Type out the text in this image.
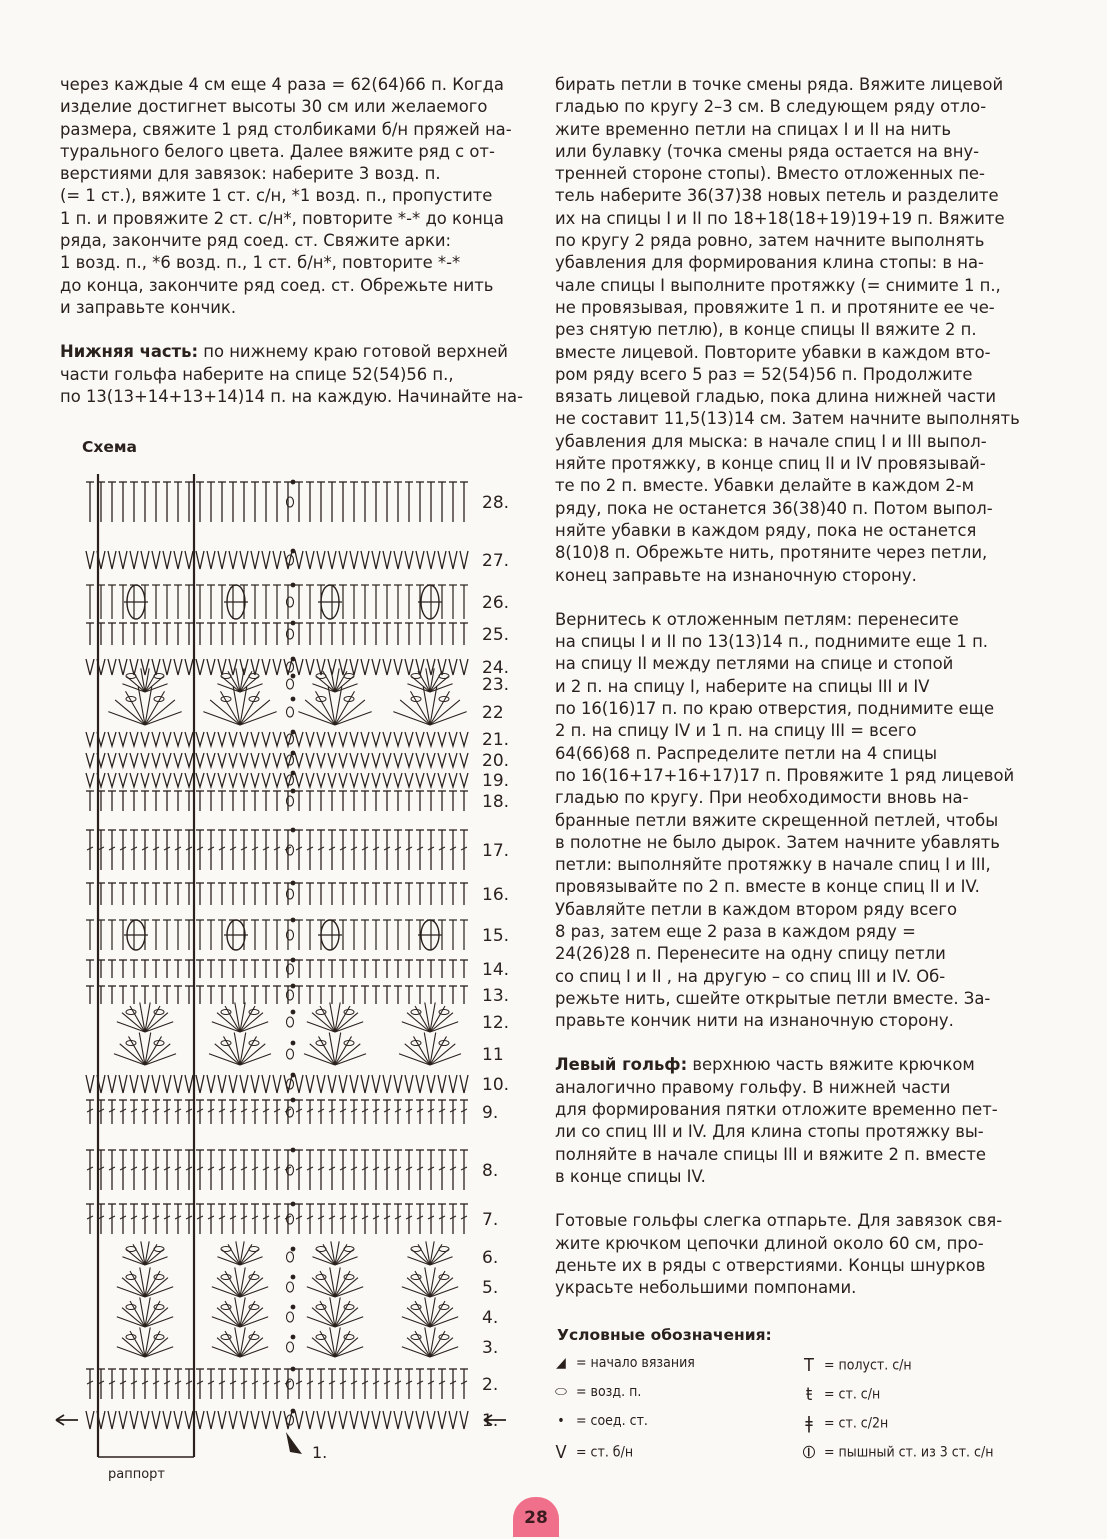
через каждые 4 см еще 4 раза = 62(64)66 п. Когда
изделие достигнет высоты 30 см или желаемого
размера, свяжите 1 ряд столбиками б/н пряжей на-
турального белого цвета. Далее вяжите ряд с от-
верстиями для завязок: наберите 3 возд. п.
(= 1 ст.), вяжите 1 ст. с/н, *1 возд. п., пропустите
1 п. и провяжите 2 ст. с/н*, повторите *-* до конца
ряда, закончите ряд соед. ст. Свяжите арки:
1 возд. п., *6 возд. п., 1 ст. б/н*, повторите *-*
до конца, закончите ряд соед. ст. Обрежьте нить
и заправьте кончик.

Нижняя часть: по нижнему краю готовой верхней
части гольфа наберите на спице 52(54)56 п.,
по 13(13+14+13+14)14 п. на каждую. Начинайте на-

Схема
28.
27.
26.
25.
24.
23.
22
21.
20.
19.
18.
17.
16.
15.
14.
13.
12.
11
10.
9.
8.
7.
6.
5.
4.
3.
2.
1.
1.
раппорт

бирать петли в точке смены ряда. Вяжите лицевой
гладью по кругу 2–3 см. В следующем ряду отло-
жите временно петли на спицах I и II на нить
или булавку (точка смены ряда остается на вну-
тренней стороне стопы). Вместо отложенных пе-
тель наберите 36(37)38 новых петель и разделите
их на спицы I и II по 18+18(18+19)19+19 п. Вяжите
по кругу 2 ряда ровно, затем начните выполнять
убавления для формирования клина стопы: в на-
чале спицы I выполните протяжку (= снимите 1 п.,
не провязывая, провяжите 1 п. и протяните ее че-
рез снятую петлю), в конце спицы II вяжите 2 п.
вместе лицевой. Повторите убавки в каждом вто-
ром ряду всего 5 раз = 52(54)56 п. Продолжите
вязать лицевой гладью, пока длина нижней части
не составит 11,5(13)14 см. Затем начните выполнять
убавления для мыска: в начале спиц I и III выпол-
няйте протяжку, в конце спиц II и IV провязывай-
те по 2 п. вместе. Убавки делайте в каждом 2-м
ряду, пока не останется 36(38)40 п. Потом выпол-
няйте убавки в каждом ряду, пока не останется
8(10)8 п. Обрежьте нить, протяните через петли,
конец заправьте на изнаночную сторону.

Вернитесь к отложенным петлям: перенесите
на спицы I и II по 13(13)14 п., поднимите еще 1 п.
на спицу II между петлями на спице и стопой
и 2 п. на спицу I, наберите на спицы III и IV
по 16(16)17 п. по краю отверстия, поднимите еще
2 п. на спицу IV и 1 п. на спицу III = всего
64(66)68 п. Распределите петли на 4 спицы
по 16(16+17+16+17)17 п. Провяжите 1 ряд лицевой
гладью по кругу. При необходимости вновь на-
бранные петли вяжите скрещенной петлей, чтобы
в полотне не было дырок. Затем начните убавлять
петли: выполняйте протяжку в начале спиц I и III,
провязывайте по 2 п. вместе в конце спиц II и IV.
Убавляйте петли в каждом втором ряду всего
8 раз, затем еще 2 раза в каждом ряду =
24(26)28 п. Перенесите на одну спицу петли
со спиц I и II , на другую – со спиц III и IV. Об-
режьте нить, сшейте открытые петли вместе. За-
правьте кончик нити на изнаночную сторону.

Левый гольф: верхнюю часть вяжите крючком
аналогично правому гольфу. В нижней части
для формирования пятки отложите временно пет-
ли со спиц III и IV. Для клина стопы протяжку вы-
полняйте в начале спицы III и вяжите 2 п. вместе
в конце спицы IV.

Готовые гольфы слегка отпарьте. Для завязок свя-
жите крючком цепочки длиной около 60 см, про-
деньте их в ряды с отверстиями. Концы шнурков
украсьте небольшими помпонами.

Условные обозначения:
◢ = начало вязания
⬭ = возд. п.
• = соед. ст.
V = ст. б/н
T = полуст. с/н
ŧ = ст. с/н
ǂ = ст. с/2н
⦶ = пышный ст. из 3 ст. с/н
28
